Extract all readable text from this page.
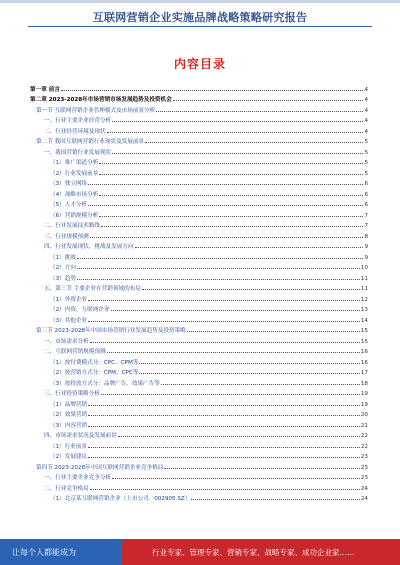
互联网营销企业实施品牌战略策略研究报告
内容目录
第一章 前言	4
第二章 2023-2028年市场营销市场发展趋势及投资机会	4
第一节 互联网营销企业管理模式及市场前景分析	4
一、行业主要企业经营分析	4
二、行业经营环境及现状	4
第二节 我国互联网营销行业现状及发展前景	5
一、我国营销行业发展现状	5
（1）推广渠道分析	5
（2）行业发展前景	5
（3）独立网络	6
（4）战略市场分析	6
（5）人才分析	6
（6）营销规模分析	7
二、行业发展技术路线	7
三、行业规模预测	8
四、行业发展现状、挑战及发展方向	9
（1）挑战	9
（2）方向	10
（3）趋势	11
五、第三节 主要企业在营销领域的布局	11
（1）外资企业	12
（2）内资、互联网企业	13
（3）其他企业	14
第三节 2023-2028年中国市场营销行业发展趋势及投资策略	15
一、市场需求分析	15
二、互联网营销规模预测	16
（1）按付费模式分：CPC、CPM等	16
（2）按营销方式分：CPM、CPC等	17
（3）按投放方式分：品牌广告、效果广告等	18
三、行业投资策略分析	19
（1）品牌营销	19
（2）效果营销	20
（3）内容营销	21
四、市场需求状况及发展前景	22
（1）行业前景	22
（2）发展建议	23
第四节 2023-2028年中国互联网营销企业竞争格局	23
一、行业主要企业竞争分析	23
二、行业竞争格局	24
（1）北京某互联网营销企业（上市公司：002905.SZ）	24
让每个人都能成为	行业专家、管理专家、营销专家、战略专家、成功企业家……
